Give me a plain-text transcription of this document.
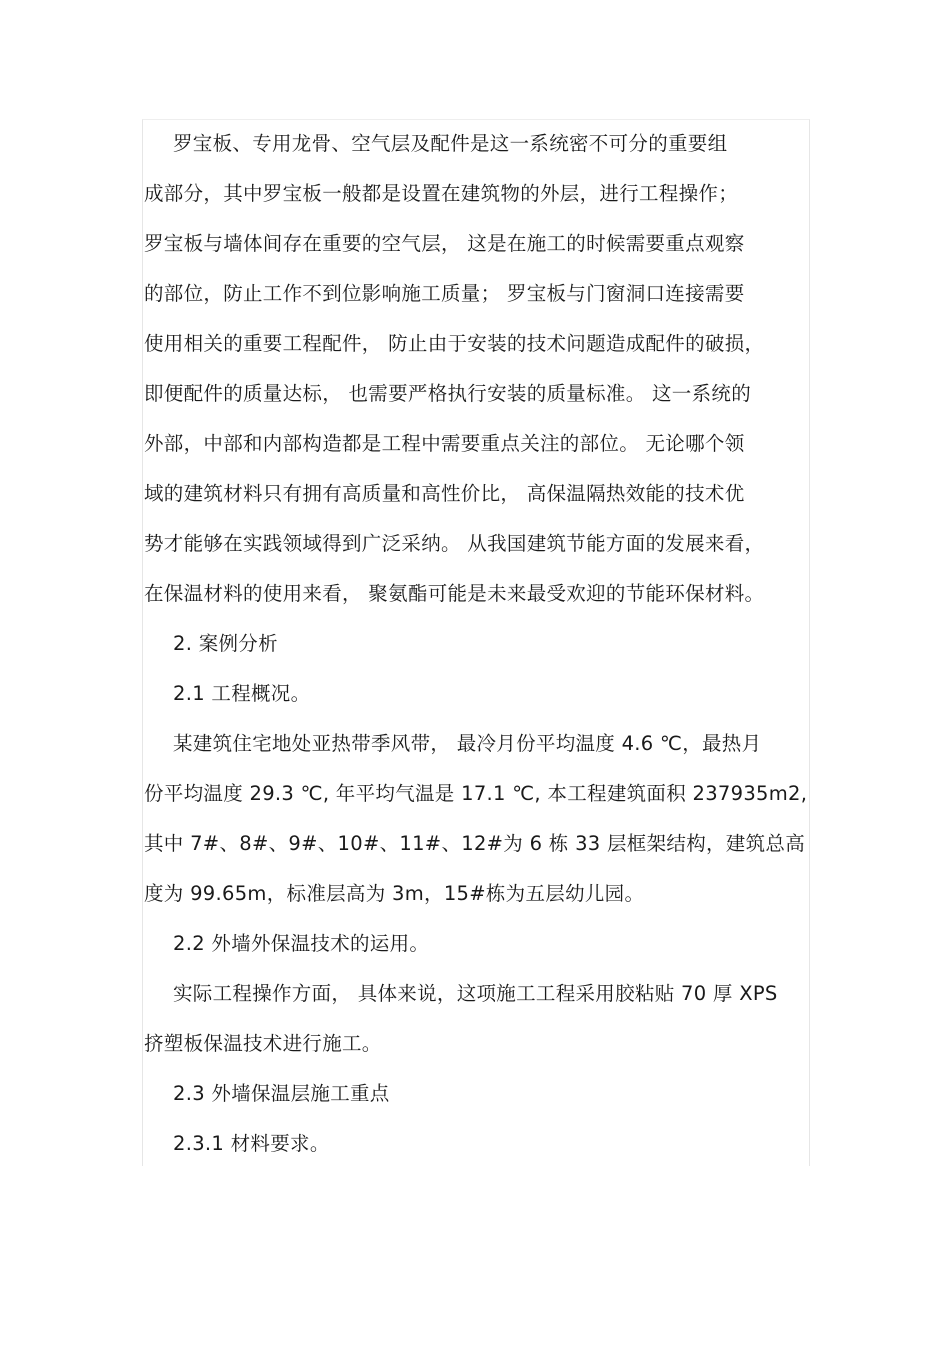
罗宝板、专用龙骨、空气层及配件是这一系统密不可分的重要组
成部分，其中罗宝板一般都是设置在建筑物的外层，进行工程操作；
罗宝板与墙体间存在重要的空气层， 这是在施工的时候需要重点观察
的部位，防止工作不到位影响施工质量； 罗宝板与门窗洞口连接需要
使用相关的重要工程配件， 防止由于安装的技术问题造成配件的破损，
即便配件的质量达标， 也需要严格执行安装的质量标准。 这一系统的
外部，中部和内部构造都是工程中需要重点关注的部位。 无论哪个领
域的建筑材料只有拥有高质量和高性价比， 高保温隔热效能的技术优
势才能够在实践领域得到广泛采纳。 从我国建筑节能方面的发展来看，
在保温材料的使用来看， 聚氨酯可能是未来最受欢迎的节能环保材料。
2. 案例分析
2.1 工程概况。
某建筑住宅地处亚热带季风带， 最冷月份平均温度 4.6 ℃，最热月
份平均温度 29.3 ℃, 年平均气温是 17.1 ℃, 本工程建筑面积 237935m2,
其中 7#、8#、9#、10#、11#、12#为 6 栋 33 层框架结构，建筑总高
度为 99.65m，标准层高为 3m，15#栋为五层幼儿园。
2.2 外墙外保温技术的运用。
实际工程操作方面， 具体来说，这项施工工程采用胶粘贴 70 厚 XPS
挤塑板保温技术进行施工。
2.3 外墙保温层施工重点
2.3.1 材料要求。
